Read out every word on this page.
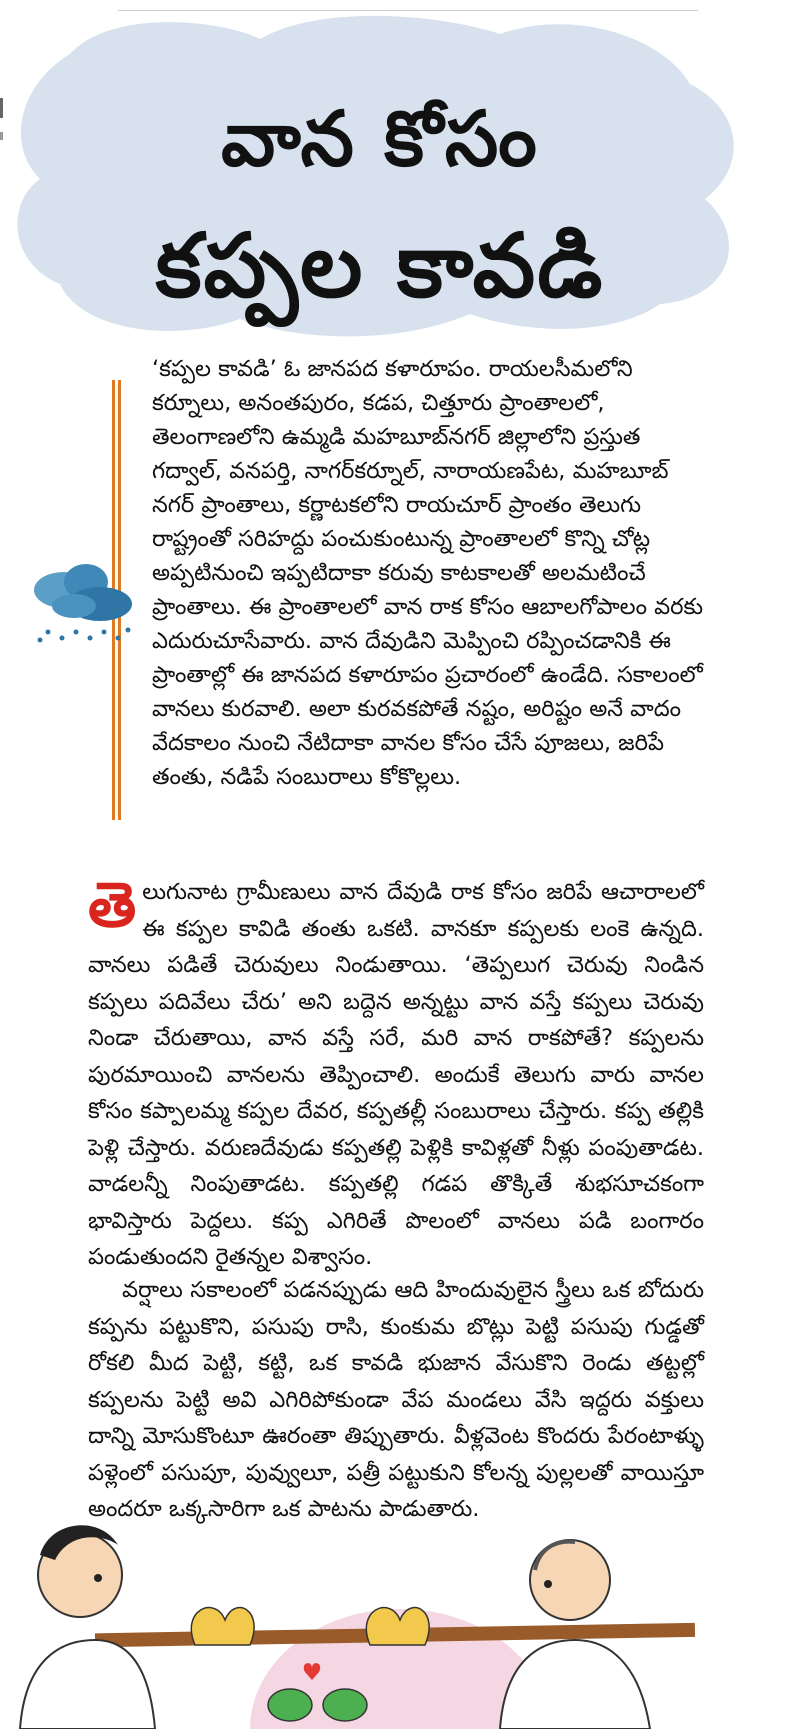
వాన కోసం
కప్పల కావడి

‘కప్పల కావడి’ ఓ జానపద కళారూపం. రాయలసీమలోని కర్నూలు, అనంతపురం, కడప, చిత్తూరు ప్రాంతాలలో, తెలంగాణలోని ఉమ్మడి మహబూబ్‌నగర్ జిల్లాలోని ప్రస్తుత గద్వాల్, వనపర్తి, నాగర్‌కర్నూల్, నారాయణపేట, మహబూబ్ నగర్ ప్రాంతాలు, కర్ణాటకలోని రాయచూర్ ప్రాంతం తెలుగు రాష్ట్రంతో సరిహద్దు పంచుకుంటున్న ప్రాంతాలలో కొన్ని చోట్ల అప్పటినుంచి ఇప్పటిదాకా కరువు కాటకాలతో అలమటించే ప్రాంతాలు. ఈ ప్రాంతాలలో వాన రాక కోసం ఆబాలగోపాలం వరకు ఎదురుచూసేవారు. వాన దేవుడిని మెప్పించి రప్పించడానికి ఈ ప్రాంతాల్లో ఈ జానపద కళారూపం ప్రచారంలో ఉండేది. సకాలంలో వానలు కురవాలి. అలా కురవకపోతే నష్టం, అరిష్టం అనే వాదం వేదకాలం నుంచి నేటిదాకా వానల కోసం చేసే పూజలు, జరిపే తంతు, నడిపే సంబురాలు కోకొల్లలు.

తెలుగునాట గ్రామీణులు వాన దేవుడి రాక కోసం జరిపే ఆచారాలలో ఈ కప్పల కావిడి తంతు ఒకటి. వానకూ కప్పలకు లంకె ఉన్నది. వానలు పడితే చెరువులు నిండుతాయి. ‘తెప్పలుగ చెరువు నిండిన కప్పలు పదివేలు చేరు’ అని బద్దెన అన్నట్టు వాన వస్తే కప్పలు చెరువు నిండా చేరుతాయి, వాన వస్తే సరే, మరి వాన రాకపోతే? కప్పలను పురమాయించి వానలను తెప్పించాలి. అందుకే తెలుగు వారు వానల కోసం కప్పాలమ్మ కప్పల దేవర, కప్పతల్లీ సంబురాలు చేస్తారు. కప్ప తల్లికి పెళ్లి చేస్తారు. వరుణదేవుడు కప్పతల్లి పెళ్లికి కావిళ్లతో నీళ్లు పంపుతాడట. వాడలన్నీ నింపుతాడట. కప్పతల్లి గడప తొక్కితే శుభసూచకంగా భావిస్తారు పెద్దలు. కప్ప ఎగిరితే పొలంలో వానలు పడి బంగారం పండుతుందని రైతన్నల విశ్వాసం.

వర్షాలు సకాలంలో పడనప్పుడు ఆది హిందువులైన స్త్రీలు ఒక బోదురు కప్పను పట్టుకొని, పసుపు రాసి, కుంకుమ బొట్లు పెట్టి పసుపు గుడ్డతో రోకలి మీద పెట్టి, కట్టి, ఒక కావడి భుజాన వేసుకొని రెండు తట్టల్లో కప్పలను పెట్టి అవి ఎగిరిపోకుండా వేప మండలు వేసి ఇద్దరు వక్తులు దాన్ని మోసుకొంటూ ఊరంతా తిప్పుతారు. వీళ్లవెంట కొందరు పేరంటాళ్ళు పళ్లెంలో పసుపూ, పువ్వులూ, పత్రీ పట్టుకుని కోలన్న పుల్లలతో వాయిస్తూ అందరూ ఒక్కసారిగా ఒక పాటను పాడుతారు.
